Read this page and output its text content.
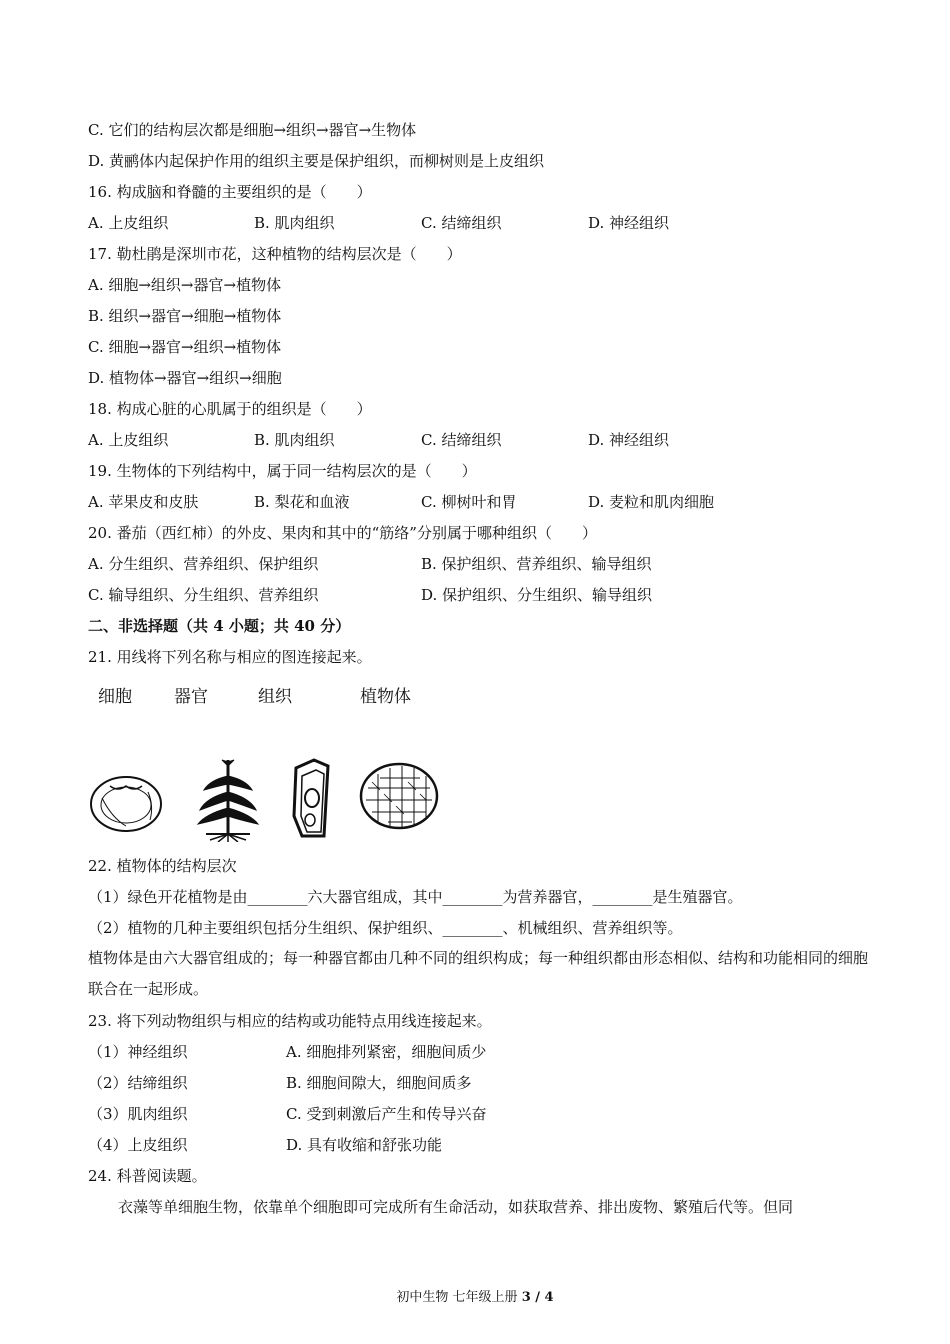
C. 它们的结构层次都是细胞→组织→器官→生物体
D. 黄鹂体内起保护作用的组织主要是保护组织，而柳树则是上皮组织
16. 构成脑和脊髓的主要组织的是（　　）
A. 上皮组织	B. 肌肉组织	C. 结缔组织	D. 神经组织
17. 勒杜鹃是深圳市花，这种植物的结构层次是（　　）
A. 细胞→组织→器官→植物体
B. 组织→器官→细胞→植物体
C. 细胞→器官→组织→植物体
D. 植物体→器官→组织→细胞
18. 构成心脏的心肌属于的组织是（　　）
A. 上皮组织	B. 肌肉组织	C. 结缔组织	D. 神经组织
19. 生物体的下列结构中，属于同一结构层次的是（　　）
A. 苹果皮和皮肤	B. 梨花和血液	C. 柳树叶和胃	D. 麦粒和肌肉细胞
20. 番茄（西红柿）的外皮、果肉和其中的“筋络”分别属于哪种组织（　　）
A. 分生组织、营养组织、保护组织	B. 保护组织、营养组织、输导组织
C. 输导组织、分生组织、营养组织	D. 保护组织、分生组织、输导组织
二、非选择题（共 4 小题；共 40 分）
21. 用线将下列名称与相应的图连接起来。
细胞 器官	组织	植物体
22. 植物体的结构层次
（1）绿色开花植物是由________六大器官组成，其中________为营养器官，________是生殖器官。
（2）植物的几种主要组织包括分生组织、保护组织、________、机械组织、营养组织等。
植物体是由六大器官组成的；每一种器官都由几种不同的组织构成；每一种组织都由形态相似、结构和功能相同的细胞联合在一起形成。
23. 将下列动物组织与相应的结构或功能特点用线连接起来。
（1）神经组织	A. 细胞排列紧密，细胞间质少
（2）结缔组织	B. 细胞间隙大，细胞间质多
（3）肌肉组织	C. 受到刺激后产生和传导兴奋
（4）上皮组织	D. 具有收缩和舒张功能
24. 科普阅读题。
衣藻等单细胞生物，依靠单个细胞即可完成所有生命活动，如获取营养、排出废物、繁殖后代等。但同
初中生物 七年级上册 3 / 4
